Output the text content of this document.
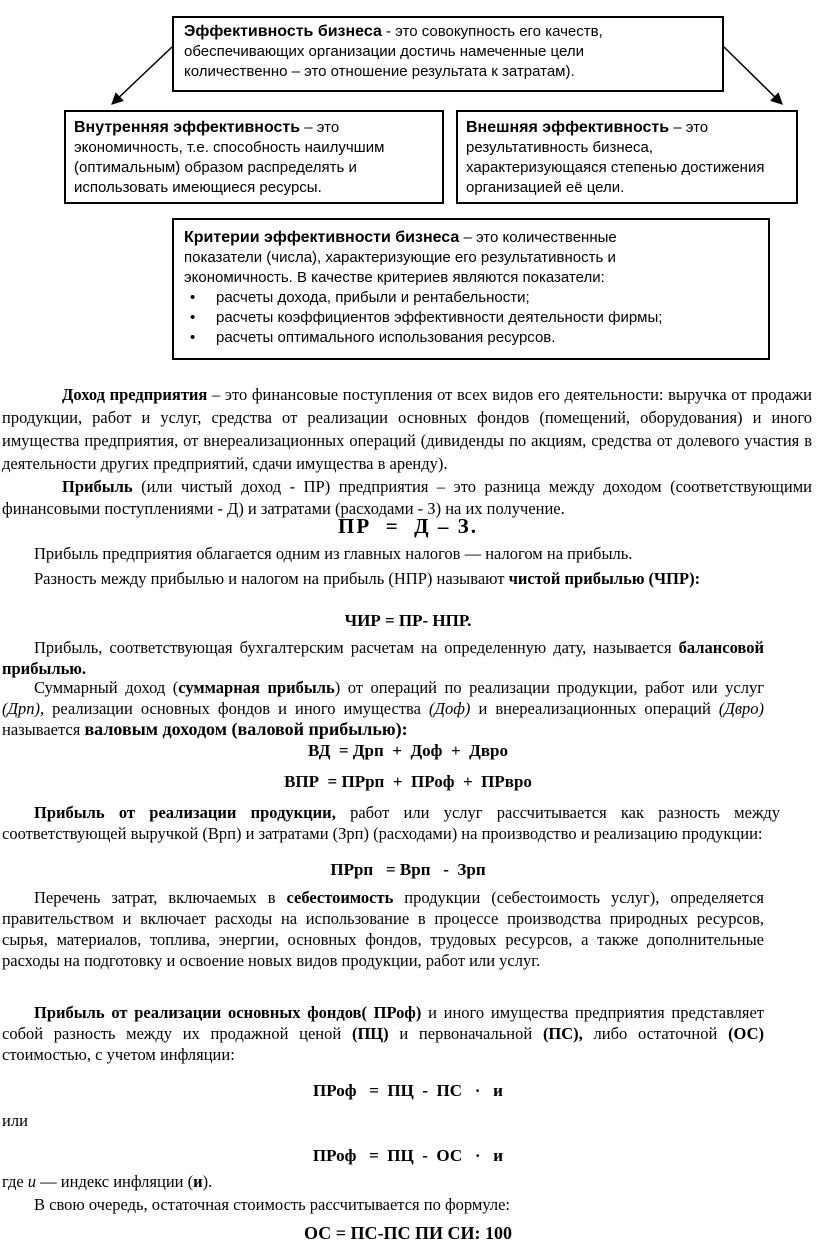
Эффективность бизнеса - это совокупность его качеств,
обеспечивающих организации достичь намеченные цели
количественно – это отношение результата к затратам).
Внутренняя эффективность – это
экономичность, т.е. способность наилучшим
(оптимальным) образом распределять и
использовать имеющиеся ресурсы.
Внешняя эффективность – это
результативность бизнеса,
характеризующаяся степенью достижения
организацией её цели.
Критерии эффективности бизнеса – это количественные
показатели (числа), характеризующие его результативность и
экономичность. В качестве критериев являются показатели:
• расчеты дохода, прибыли и рентабельности;
• расчеты коэффициентов эффективности деятельности фирмы;
• расчеты оптимального использования ресурсов.
Доход предприятия – это финансовые поступления от всех видов его деятельности: выручка от продажи продукции, работ и услуг, средства от реализации основных фондов (помещений, оборудования) и иного имущества предприятия, от внереализационных операций (дивиденды по акциям, средства от долевого участия в деятельности других предприятий, сдачи имущества в аренду).
Прибыль (или чистый доход - ПР) предприятия – это разница между доходом (соответствующими финансовыми поступлениями - Д) и затратами (расходами - З) на их получение.
ПР  =  Д – З.
Прибыль предприятия облагается одним из главных налогов — налогом на прибыль.
Разность между прибылью и налогом на прибыль (НПР) называют чистой прибылью (ЧПР):
ЧИР = ПР- НПР.
Прибыль, соответствующая бухгалтерским расчетам на определенную дату, называется балансовой прибылью.
Суммарный доход (суммарная прибыль) от операций по реализации продукции, работ или услуг (Дрп), реализации основных фондов и иного имущества (Доф) и внереализационных операций (Двро) называется валовым доходом (валовой прибылью):
ВД  = Дрп  +  Доф  +  Двро
ВПР  = ПРрп  +  ПРоф  +  ПРвро
Прибыль от реализации продукции, работ или услуг рассчитывается как разность между соответствующей выручкой (Врп) и затратами (Зрп) (расходами) на производство и реализацию продукции:
ПРрп   = Врп   -  Зрп
Перечень затрат, включаемых в себестоимость продукции (себестоимость услуг), определяется правительством и включает расходы на использование в процессе производства природных ресурсов, сырья, материалов, топлива, энергии, основных фондов, трудовых ресурсов, а также дополнительные расходы на подготовку и освоение новых видов продукции, работ или услуг.
Прибыль от реализации основных фондов( ПРоф) и иного имущества предприятия представляет собой разность между их продажной ценой (ПЦ) и первоначальной (ПС), либо остаточной (ОС) стоимостью, с учетом инфляции:
ПРоф   =  ПЦ  -  ПС   ·   и
или
ПРоф   =  ПЦ  -  ОС   ·   и
где и — индекс инфляции (и).
В свою очередь, остаточная стоимость рассчитывается по формуле:
ОС = ПС-ПС ПИ СИ: 100
